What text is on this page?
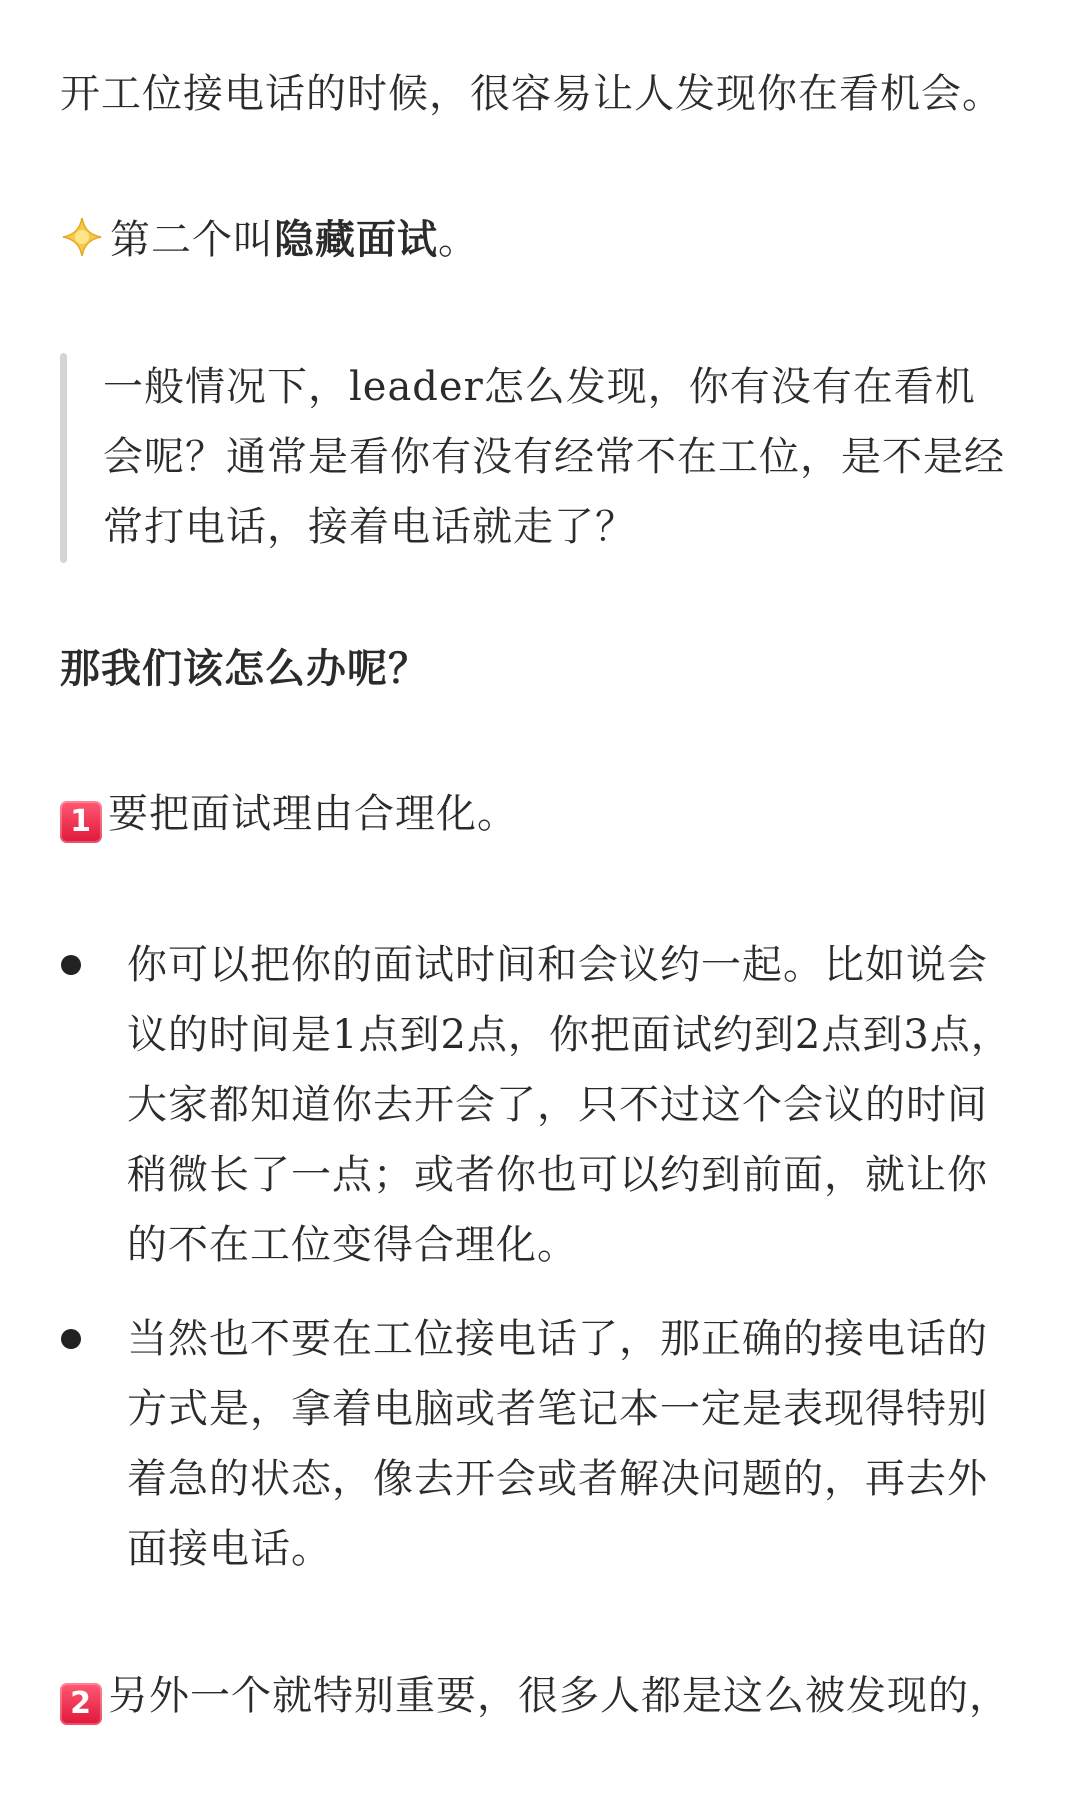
开工位接电话的时候，很容易让人发现你在看机会。
第二个叫隐藏面试。
一般情况下，leader怎么发现，你有没有在看机
会呢？通常是看你有没有经常不在工位，是不是经
常打电话，接着电话就走了？
那我们该怎么办呢？
1 要把面试理由合理化。
你可以把你的面试时间和会议约一起。比如说会
议的时间是1点到2点，你把面试约到2点到3点，
大家都知道你去开会了，只不过这个会议的时间
稍微长了一点；或者你也可以约到前面，就让你
的不在工位变得合理化。
当然也不要在工位接电话了，那正确的接电话的
方式是，拿着电脑或者笔记本一定是表现得特别
着急的状态，像去开会或者解决问题的，再去外
面接电话。
2 另外一个就特别重要，很多人都是这么被发现的，
